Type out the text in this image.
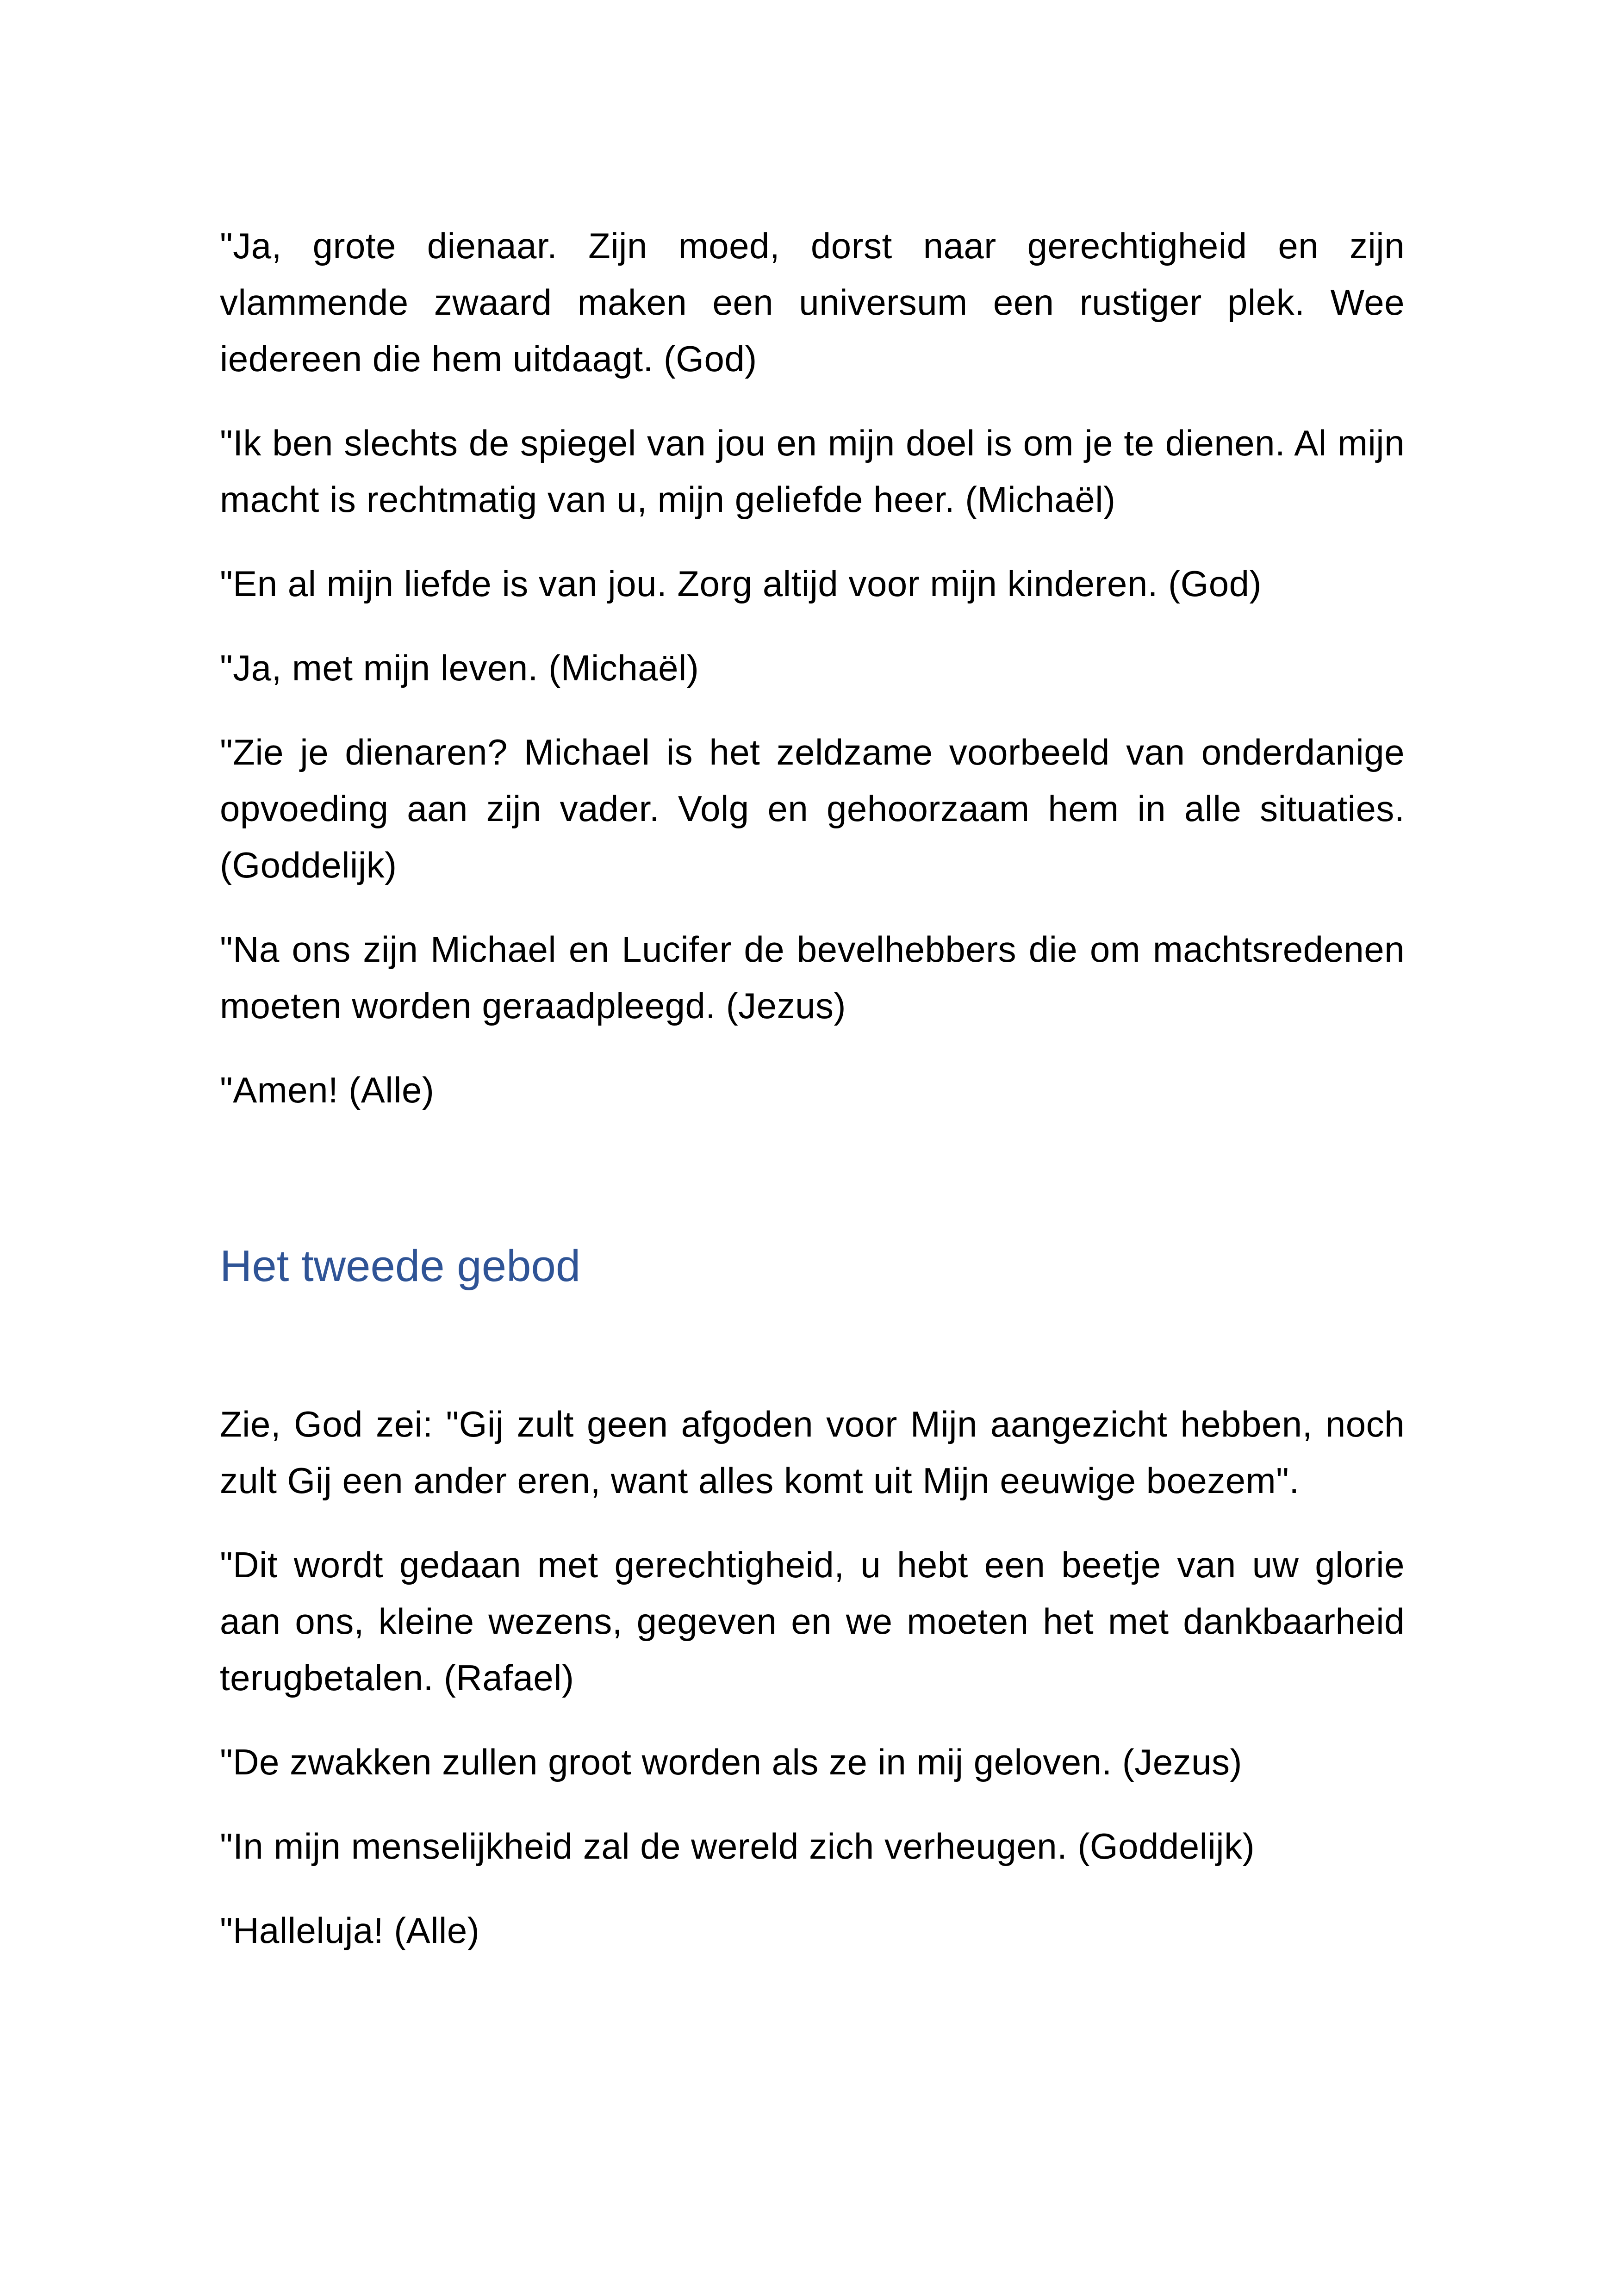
"Ja, grote dienaar. Zijn moed, dorst naar gerechtigheid en zijn vlammende zwaard maken een universum een rustiger plek. Wee iedereen die hem uitdaagt. (God)

"Ik ben slechts de spiegel van jou en mijn doel is om je te dienen. Al mijn macht is rechtmatig van u, mijn geliefde heer. (Michaël)

"En al mijn liefde is van jou. Zorg altijd voor mijn kinderen. (God)

"Ja, met mijn leven. (Michaël)

"Zie je dienaren? Michael is het zeldzame voorbeeld van onderdanige opvoeding aan zijn vader. Volg en gehoorzaam hem in alle situaties. (Goddelijk)

"Na ons zijn Michael en Lucifer de bevelhebbers die om machtsredenen moeten worden geraadpleegd. (Jezus)

"Amen! (Alle)

Het tweede gebod

Zie, God zei: "Gij zult geen afgoden voor Mijn aangezicht hebben, noch zult Gij een ander eren, want alles komt uit Mijn eeuwige boezem".

"Dit wordt gedaan met gerechtigheid, u hebt een beetje van uw glorie aan ons, kleine wezens, gegeven en we moeten het met dankbaarheid terugbetalen. (Rafael)

"De zwakken zullen groot worden als ze in mij geloven. (Jezus)

"In mijn menselijkheid zal de wereld zich verheugen. (Goddelijk)

"Halleluja! (Alle)
